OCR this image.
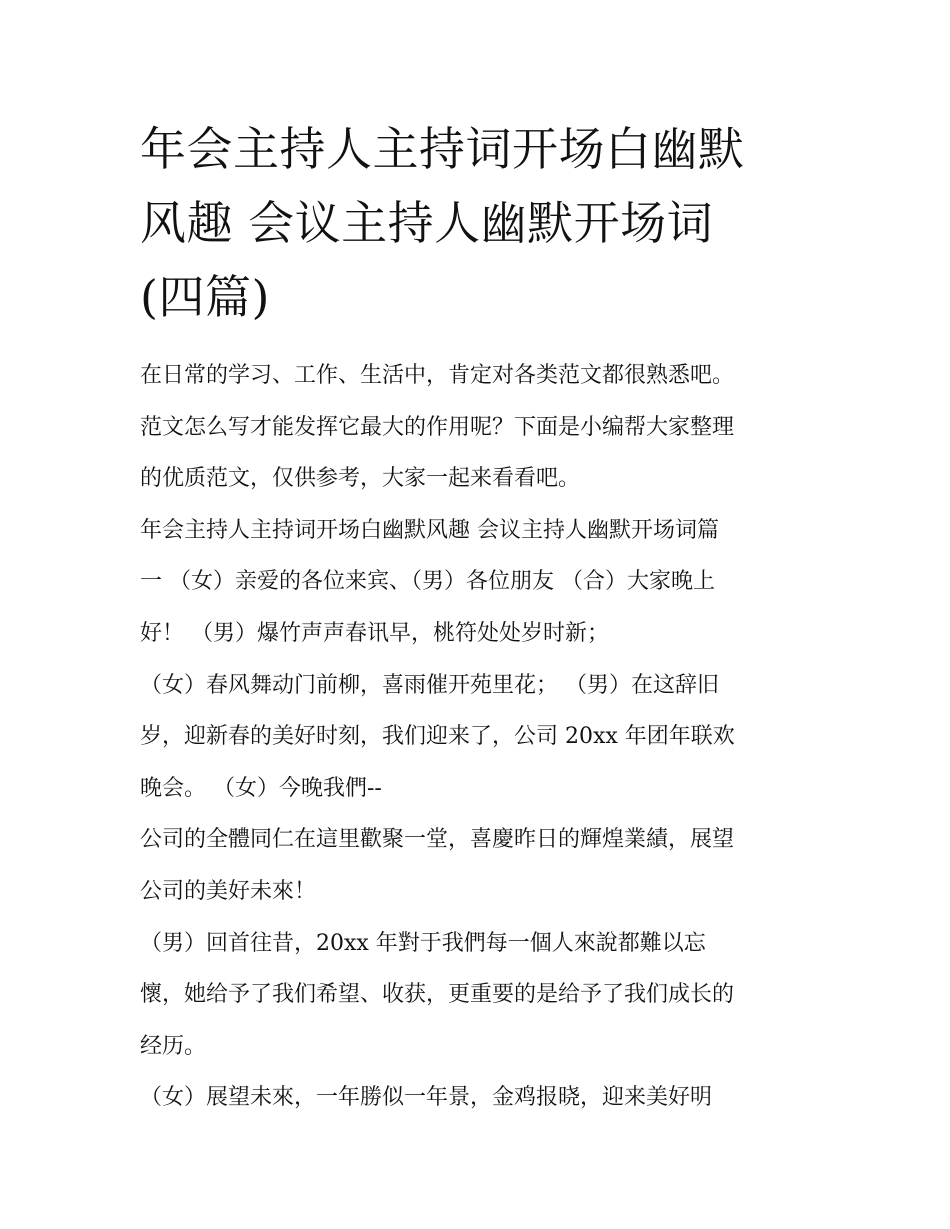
年会主持人主持词开场白幽默
风趣 会议主持人幽默开场词
(四篇)
在日常的学习、工作、生活中，肯定对各类范文都很熟悉吧。
范文怎么写才能发挥它最大的作用呢？下面是小编帮大家整理
的优质范文，仅供参考，大家一起来看看吧。
年会主持人主持词开场白幽默风趣 会议主持人幽默开场词篇
一 （女）亲爱的各位来宾、（男）各位朋友 （合）大家晚上
好！ （男）爆竹声声春讯早，桃符处处岁时新；
（女）春风舞动门前柳，喜雨催开苑里花； （男）在这辞旧
岁，迎新春的美好时刻，我们迎来了，公司 20xx 年团年联欢
晚会。 （女）今晚我們--
公司的全體同仁在這里歡聚一堂，喜慶昨日的輝煌業績，展望
公司的美好未來！
（男）回首往昔，20xx 年對于我們每一個人來說都難以忘
懷，她给予了我们希望、收获，更重要的是给予了我们成长的
经历。
（女）展望未來，一年勝似一年景，金鸡报晓，迎来美好明
